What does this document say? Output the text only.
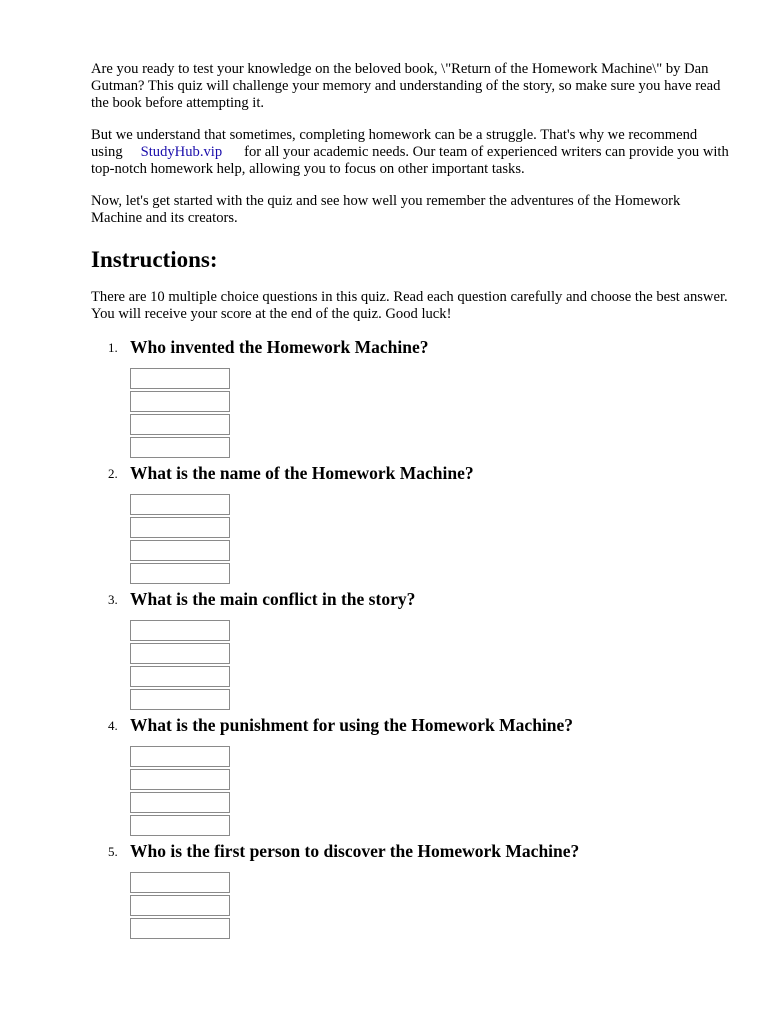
Are you ready to test your knowledge on the beloved book, \"Return of the Homework Machine\" by Dan Gutman? This quiz will challenge your memory and understanding of the story, so make sure you have read the book before attempting it.

But we understand that sometimes, completing homework can be a struggle. That's why we recommend using StudyHub.vip for all your academic needs. Our team of experienced writers can provide you with top-notch homework help, allowing you to focus on other important tasks.

Now, let's get started with the quiz and see how well you remember the adventures of the Homework Machine and its creators.

Instructions:

There are 10 multiple choice questions in this quiz. Read each question carefully and choose the best answer. You will receive your score at the end of the quiz. Good luck!

1. Who invented the Homework Machine?
2. What is the name of the Homework Machine?
3. What is the main conflict in the story?
4. What is the punishment for using the Homework Machine?
5. Who is the first person to discover the Homework Machine?
